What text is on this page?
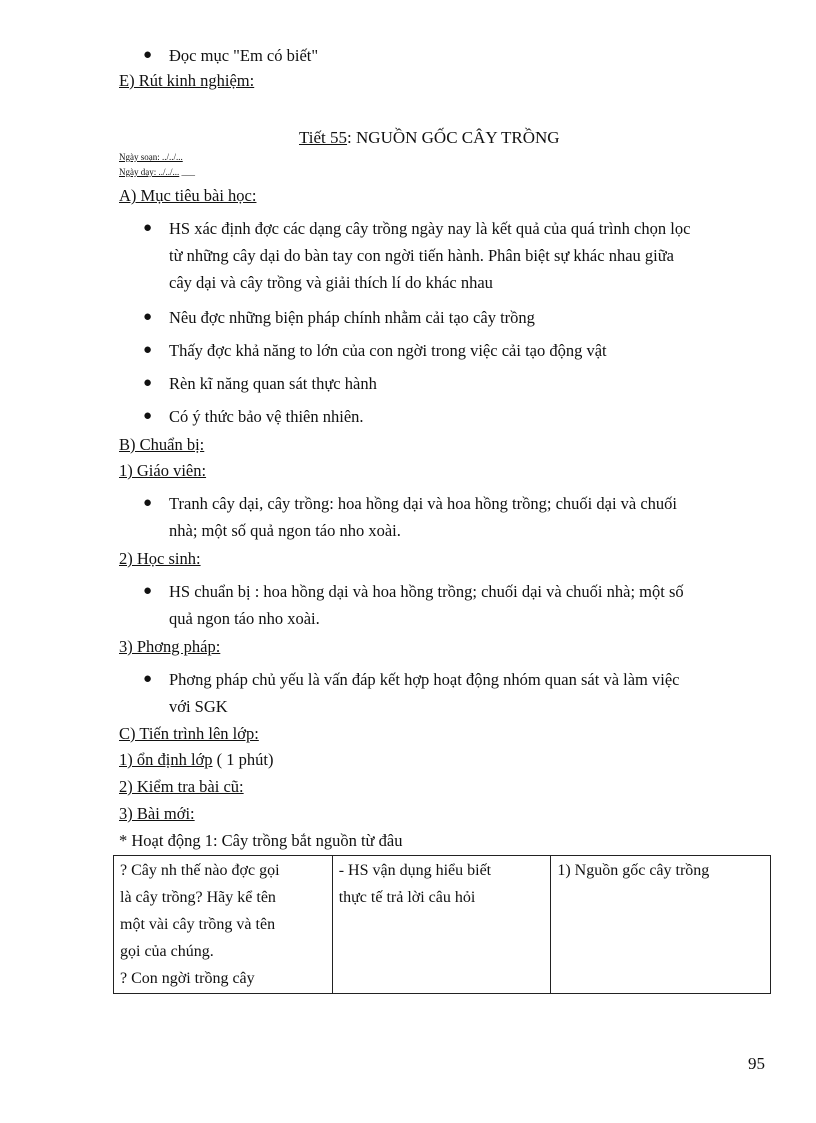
● Đọc mục "Em có biết"
E) Rút kinh nghiệm:
Tiết 55: NGUỒN GỐC CÂY TRỒNG
Ngày soạn: ../../...
Ngày dạy: ../../... ___
A) Mục tiêu bài học:
● HS xác định đợc các dạng cây trồng ngày nay là kết quả của quá trình chọn lọc
từ những cây dại do bàn tay con ngời tiến hành. Phân biệt sự khác nhau giữa
cây dại và cây trồng và giải thích lí do khác nhau
● Nêu đợc những biện pháp chính nhằm cải tạo cây trồng
● Thấy đợc khả năng to lớn của con ngời trong việc cải tạo động vật
● Rèn kĩ năng quan sát thực hành
● Có ý thức bảo vệ thiên nhiên.
B) Chuẩn bị:
1) Giáo viên:
● Tranh cây dại, cây trồng: hoa hồng dại và hoa hồng trồng; chuối dại và chuối
nhà; một số quả ngon táo nho xoài.
2) Học sinh:
● HS chuẩn bị : hoa hồng dại và hoa hồng trồng; chuối dại và chuối nhà; một số
quả ngon táo nho xoài.
3) Phơng pháp:
● Phơng pháp chủ yếu là vấn đáp kết hợp hoạt động nhóm quan sát và làm việc
với SGK
C) Tiến trình lên lớp:
1) ổn định lớp ( 1 phút)
2) Kiểm tra bài cũ:
3) Bài mới:
* Hoạt động 1: Cây trồng bắt nguồn từ đâu
? Cây nh thế nào đợc gọi
là cây trồng? Hãy kể tên
một vài cây trồng và tên
gọi của chúng.
? Con ngời trồng cây

- HS vận dụng hiểu biết
thực tế trả lời câu hỏi

1) Nguồn gốc cây trồng
95
